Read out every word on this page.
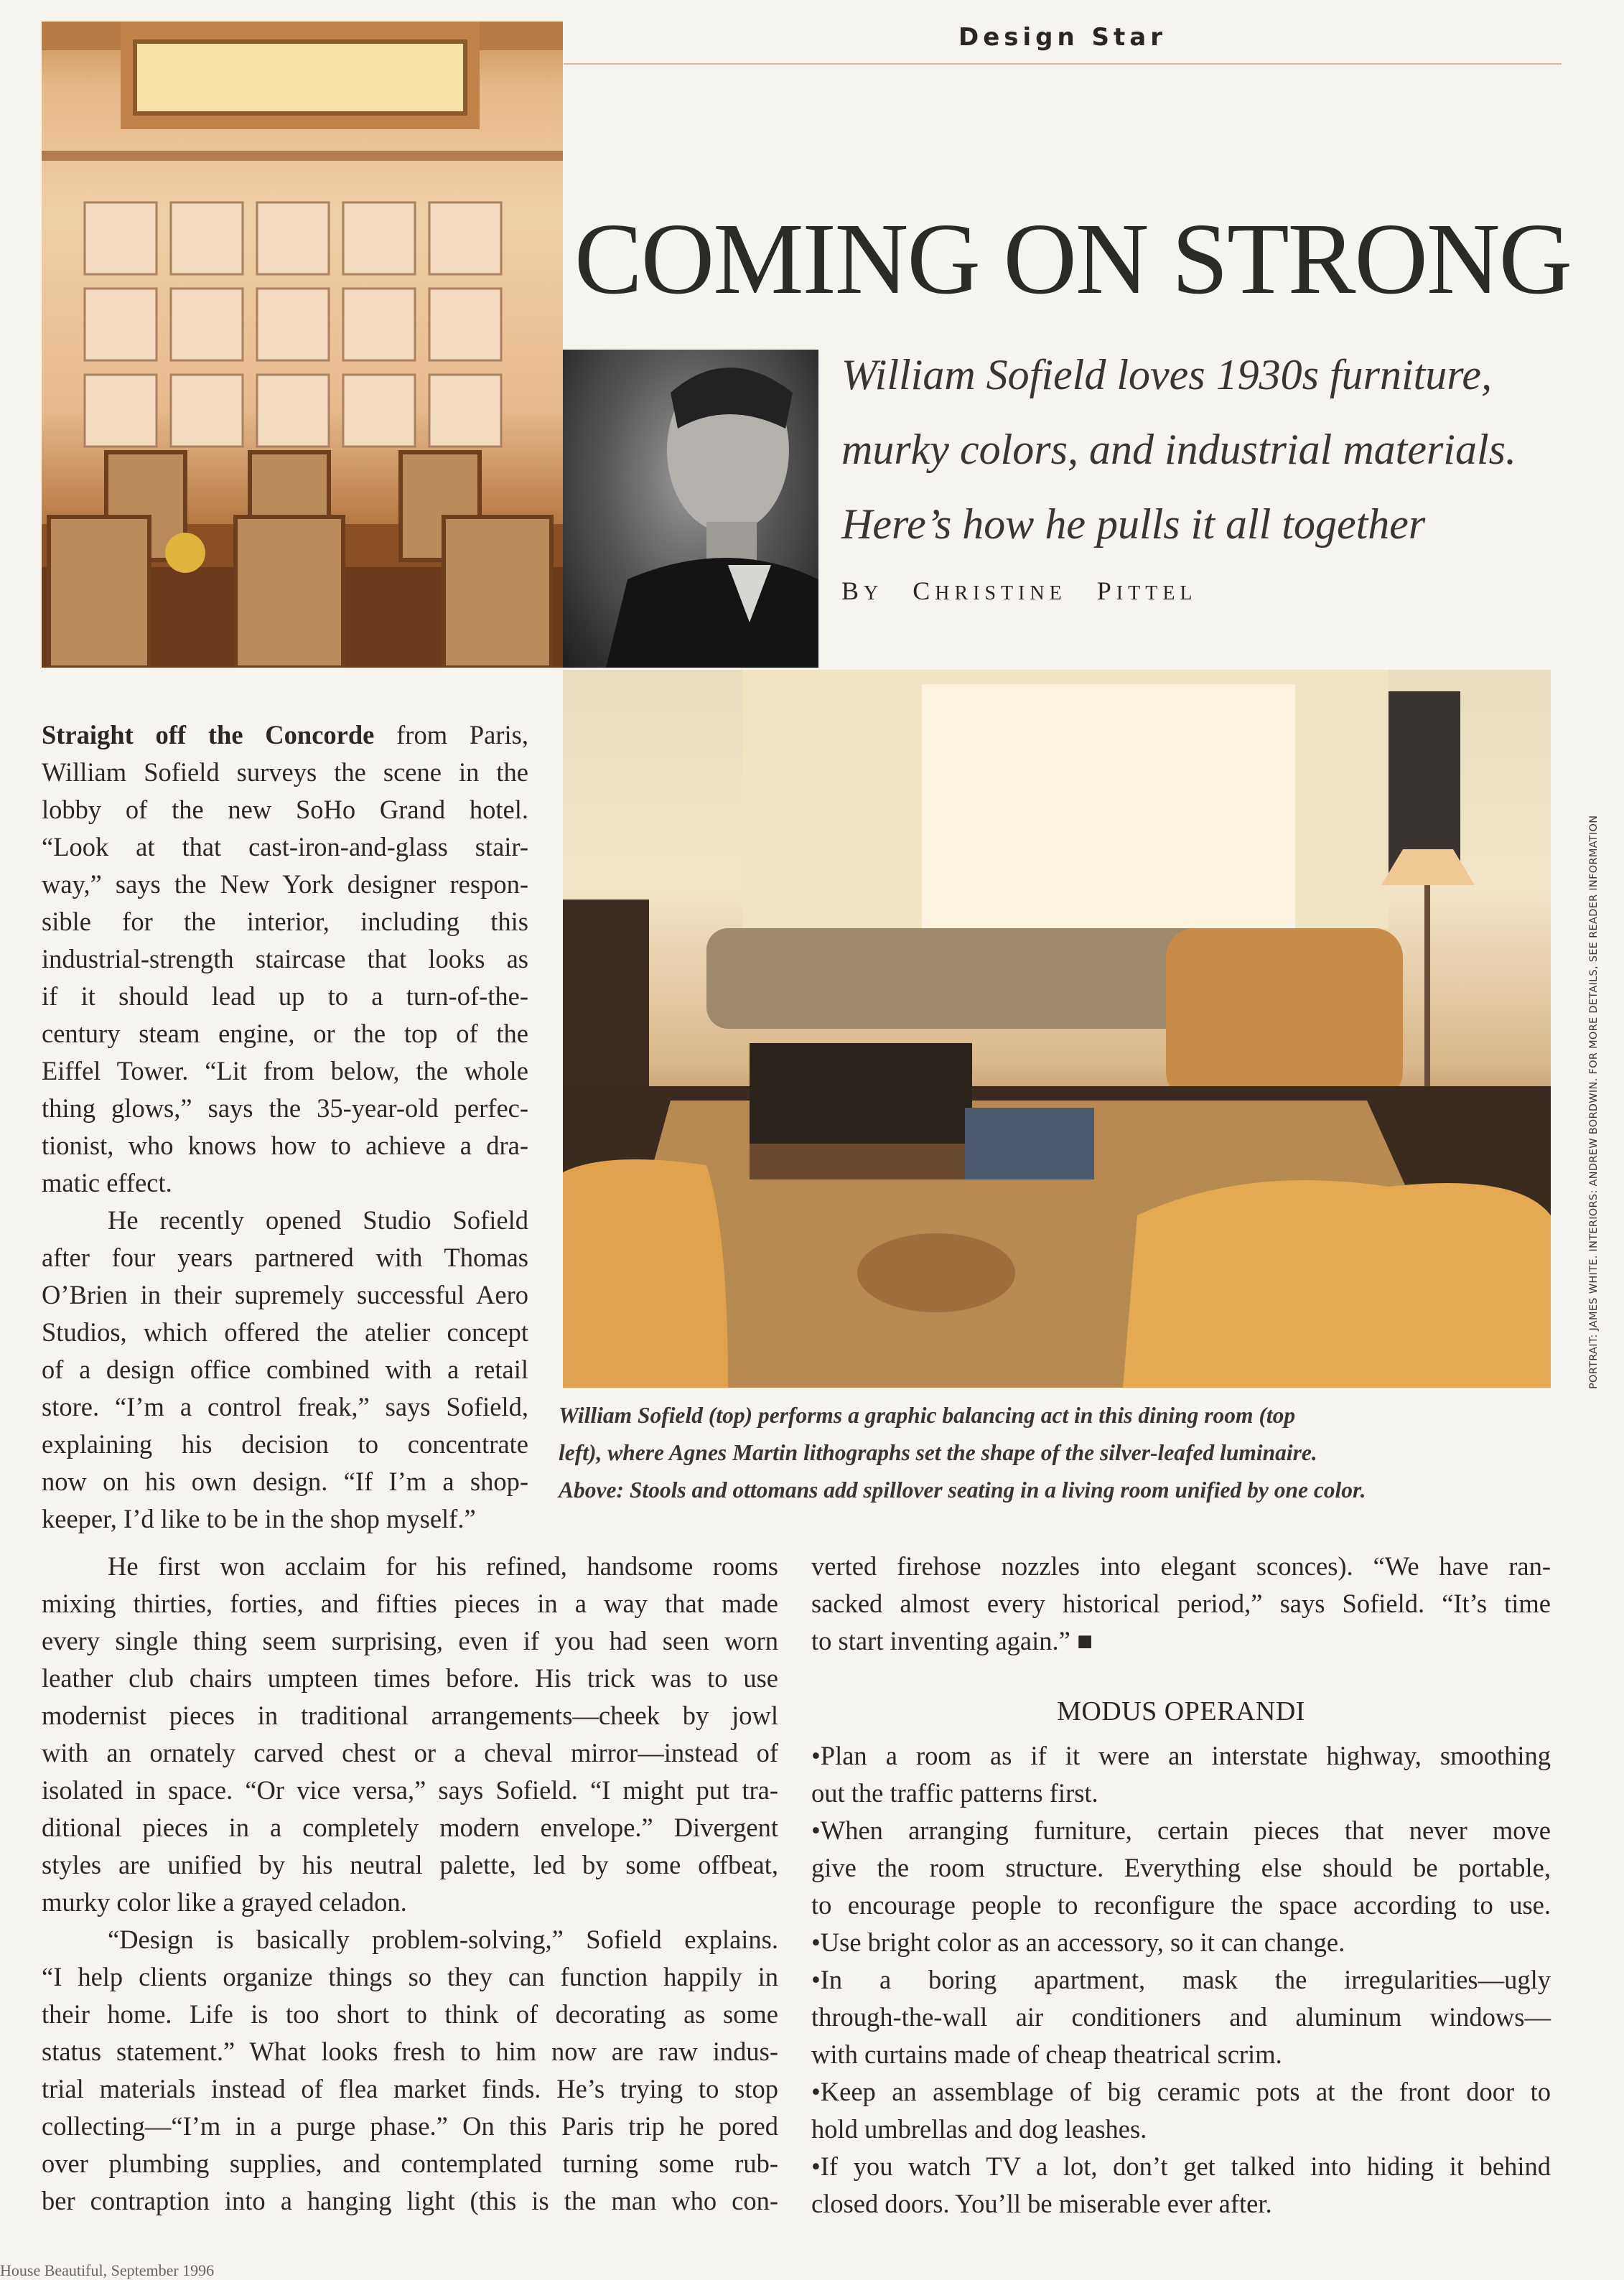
Design Star
COMING ON STRONG
William Sofield loves 1930s furniture,
murky colors, and industrial materials.
Here’s how he pulls it all together
BY CHRISTINE PITTEL
PORTRAIT: JAMES WHITE. INTERIORS: ANDREW BORDWIN. FOR MORE DETAILS, SEE READER INFORMATION
William Sofield (top) performs a graphic balancing act in this dining room (top
left), where Agnes Martin lithographs set the shape of the silver-leafed luminaire.
Above: Stools and ottomans add spillover seating in a living room unified by one color.
Straight off the Concorde from Paris,
William Sofield surveys the scene in the
lobby of the new SoHo Grand hotel.
“Look at that cast-iron-and-glass stair-
way,” says the New York designer respon-
sible for the interior, including this
industrial-strength staircase that looks as
if it should lead up to a turn-of-the-
century steam engine, or the top of the
Eiffel Tower. “Lit from below, the whole
thing glows,” says the 35-year-old perfec-
tionist, who knows how to achieve a dra-
matic effect.
He recently opened Studio Sofield
after four years partnered with Thomas
O’Brien in their supremely successful Aero
Studios, which offered the atelier concept
of a design office combined with a retail
store. “I’m a control freak,” says Sofield,
explaining his decision to concentrate
now on his own design. “If I’m a shop-
keeper, I’d like to be in the shop myself.”
He first won acclaim for his refined, handsome rooms
mixing thirties, forties, and fifties pieces in a way that made
every single thing seem surprising, even if you had seen worn
leather club chairs umpteen times before. His trick was to use
modernist pieces in traditional arrangements—cheek by jowl
with an ornately carved chest or a cheval mirror—instead of
isolated in space. “Or vice versa,” says Sofield. “I might put tra-
ditional pieces in a completely modern envelope.” Divergent
styles are unified by his neutral palette, led by some offbeat,
murky color like a grayed celadon.
“Design is basically problem-solving,” Sofield explains.
“I help clients organize things so they can function happily in
their home. Life is too short to think of decorating as some
status statement.” What looks fresh to him now are raw indus-
trial materials instead of flea market finds. He’s trying to stop
collecting—“I’m in a purge phase.” On this Paris trip he pored
over plumbing supplies, and contemplated turning some rub-
ber contraption into a hanging light (this is the man who con-
verted firehose nozzles into elegant sconces). “We have ran-
sacked almost every historical period,” says Sofield. “It’s time
to start inventing again.” ■
MODUS OPERANDI
•Plan a room as if it were an interstate highway, smoothing
out the traffic patterns first.
•When arranging furniture, certain pieces that never move
give the room structure. Everything else should be portable,
to encourage people to reconfigure the space according to use.
•Use bright color as an accessory, so it can change.
•In a boring apartment, mask the irregularities—ugly
through-the-wall air conditioners and aluminum windows—
with curtains made of cheap theatrical scrim.
•Keep an assemblage of big ceramic pots at the front door to
hold umbrellas and dog leashes.
•If you watch TV a lot, don’t get talked into hiding it behind
closed doors. You’ll be miserable ever after.
House Beautiful, September 1996
